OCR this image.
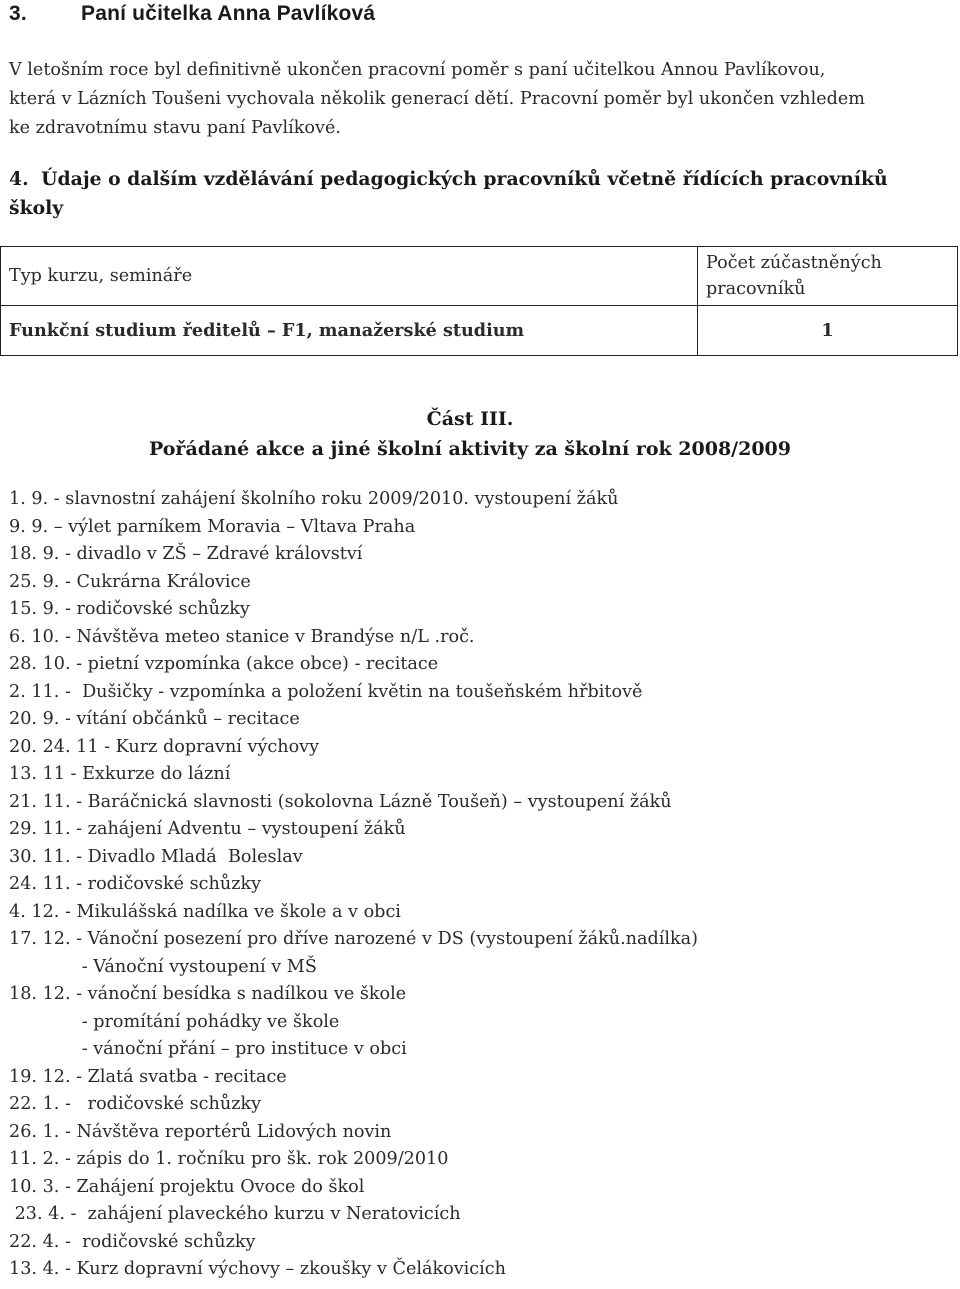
3.	Paní učitelka Anna Pavlíková
V letošním roce byl definitivně ukončen pracovní poměr s paní učitelkou Annou Pavlíkovou,
která v Lázních Toušeni vychovala několik generací dětí. Pracovní poměr byl ukončen vzhledem
ke zdravotnímu stavu paní Pavlíkové.
4. Údaje o dalším vzdělávání pedagogických pracovníků včetně řídících pracovníků
školy
Typ kurzu, semináře	Počet zúčastněných
pracovníků

Funkční studium ředitelů – F1, manažerské studium	1
Část III.
Pořádané akce a jiné školní aktivity za školní rok 2008/2009
1. 9. - slavnostní zahájení školního roku 2009/2010. vystoupení žáků
9. 9. – výlet parníkem Moravia – Vltava Praha
18. 9. - divadlo v ZŠ – Zdravé království
25. 9. - Cukrárna Královice
15. 9. - rodičovské schůzky
6. 10. - Návštěva meteo stanice v Brandýse n/L .roč.
28. 10. - pietní vzpomínka (akce obce) - recitace
2. 11. -  Dušičky - vzpomínka a položení květin na toušeňském hřbitově
20. 9. - vítání občánků – recitace
20. 24. 11 - Kurz dopravní výchovy
13. 11 - Exkurze do lázní
21. 11. - Baráčnická slavnosti (sokolovna Lázně Toušeň) – vystoupení žáků
29. 11. - zahájení Adventu – vystoupení žáků
30. 11. - Divadlo Mladá  Boleslav
24. 11. - rodičovské schůzky
4. 12. - Mikulášská nadílka ve škole a v obci
17. 12. - Vánoční posezení pro dříve narozené v DS (vystoupení žáků.nadílka)
- Vánoční vystoupení v MŠ
18. 12. - vánoční besídka s nadílkou ve škole
- promítání pohádky ve škole
- vánoční přání – pro instituce v obci
19. 12. - Zlatá svatba - recitace
22. 1. -   rodičovské schůzky
26. 1. - Návštěva reportérů Lidových novin
11. 2. - zápis do 1. ročníku pro šk. rok 2009/2010
10. 3. - Zahájení projektu Ovoce do škol
23. 4. -  zahájení plaveckého kurzu v Neratovicích
22. 4. -  rodičovské schůzky
13. 4. - Kurz dopravní výchovy – zkoušky v Čelákovicích
